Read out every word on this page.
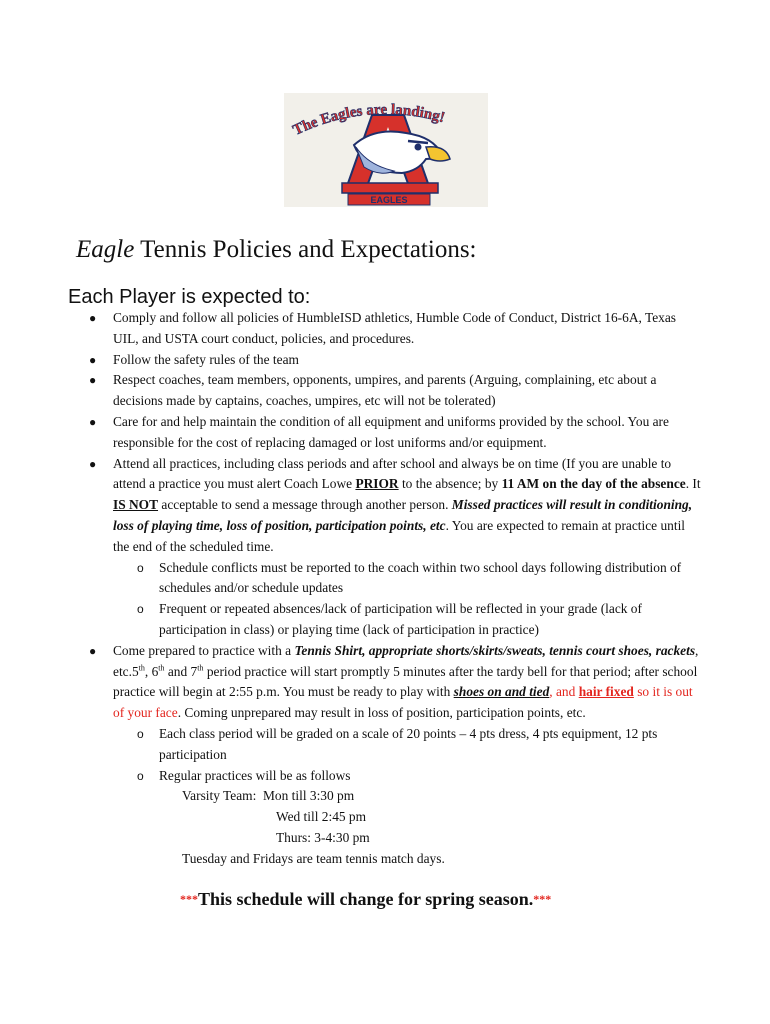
EAGLES
The Eagles are landing!
Eagle Tennis Policies and Expectations:
Each Player is expected to:
● Comply and follow all policies of HumbleISD athletics, Humble Code of Conduct, District 16-6A, Texas UIL, and USTA court conduct, policies, and procedures.
● Follow the safety rules of the team
● Respect coaches, team members, opponents, umpires, and parents (Arguing, complaining, etc about a decisions made by captains, coaches, umpires, etc will not be tolerated)
● Care for and help maintain the condition of all equipment and uniforms provided by the school. You are responsible for the cost of replacing damaged or lost uniforms and/or equipment.
● Attend all practices, including class periods and after school and always be on time (If you are unable to attend a practice you must alert Coach Lowe PRIOR to the absence; by 11 AM on the day of the absence. It IS NOT acceptable to send a message through another person. Missed practices will result in conditioning, loss of playing time, loss of position, participation points, etc. You are expected to remain at practice until the end of the scheduled time.
o Schedule conflicts must be reported to the coach within two school days following distribution of schedules and/or schedule updates
o Frequent or repeated absences/lack of participation will be reflected in your grade (lack of participation in class) or playing time (lack of participation in practice)
● Come prepared to practice with a Tennis Shirt, appropriate shorts/skirts/sweats, tennis court shoes, rackets, etc.5th, 6th and 7th period practice will start promptly 5 minutes after the tardy bell for that period; after school practice will begin at 2:55 p.m. You must be ready to play with shoes on and tied, and hair fixed so it is out of your face. Coming unprepared may result in loss of position, participation points, etc.
o Each class period will be graded on a scale of 20 points – 4 pts dress, 4 pts equipment, 12 pts participation
o Regular practices will be as follows
Varsity Team: Mon till 3:30 pm
Wed till 2:45 pm
Thurs: 3-4:30 pm
Tuesday and Fridays are team tennis match days.
***This schedule will change for spring season.***
